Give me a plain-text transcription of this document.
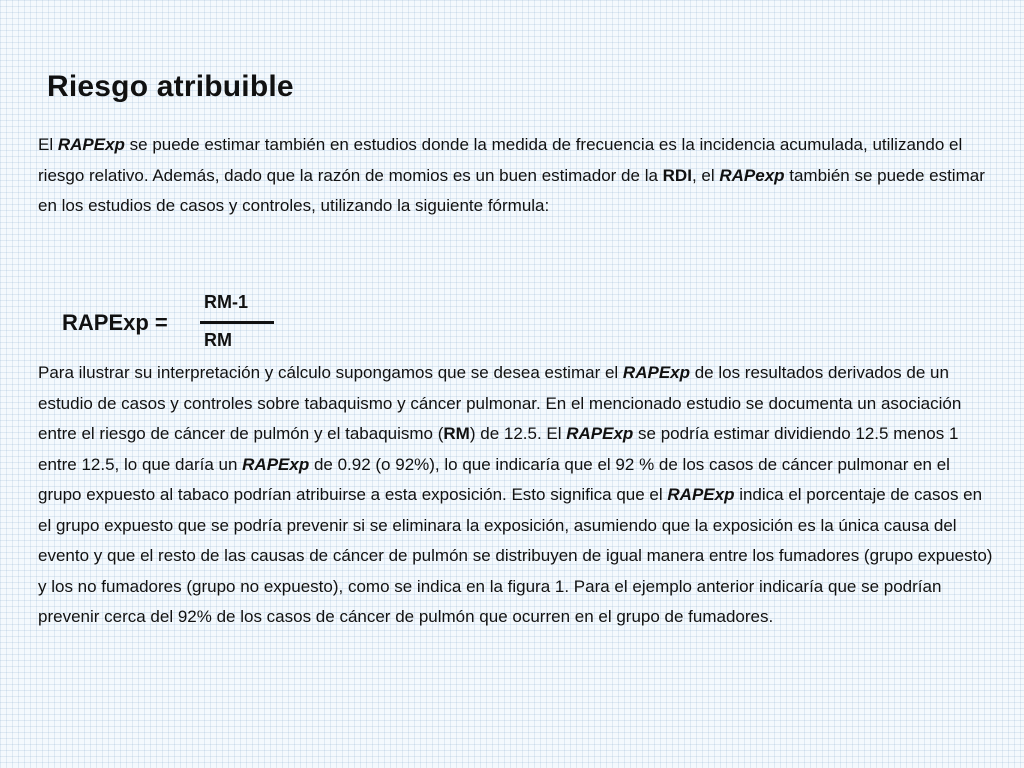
Riesgo atribuible

El RAPExp se puede estimar también en estudios donde la medida de frecuencia es la incidencia acumulada, utilizando el riesgo relativo. Además, dado que la razón de momios es un buen estimador de la RDI, el RAPexp también se puede estimar en los estudios de casos y controles, utilizando la siguiente fórmula:

RAPExp =
RM-1
RM

Para ilustrar su interpretación y cálculo supongamos que se desea estimar el RAPExp de los resultados derivados de un estudio de casos y controles sobre tabaquismo y cáncer pulmonar. En el mencionado estudio se documenta un asociación entre el riesgo de cáncer de pulmón y el tabaquismo (RM) de 12.5. El RAPExp se podría estimar dividiendo 12.5 menos 1 entre 12.5, lo que daría un RAPExp de 0.92 (o 92%), lo que indicaría que el 92 % de los casos de cáncer pulmonar en el grupo expuesto al tabaco podrían atribuirse a esta exposición. Esto significa que el RAPExp indica el porcentaje de casos en el grupo expuesto que se podría prevenir si se eliminara la exposición, asumiendo que la exposición es la única causa del evento y que el resto de las causas de cáncer de pulmón se distribuyen de igual manera entre los fumadores (grupo expuesto) y los no fumadores (grupo no expuesto), como se indica en la figura 1. Para el ejemplo anterior indicaría que se podrían prevenir cerca del 92% de los casos de cáncer de pulmón que ocurren en el grupo de fumadores.
